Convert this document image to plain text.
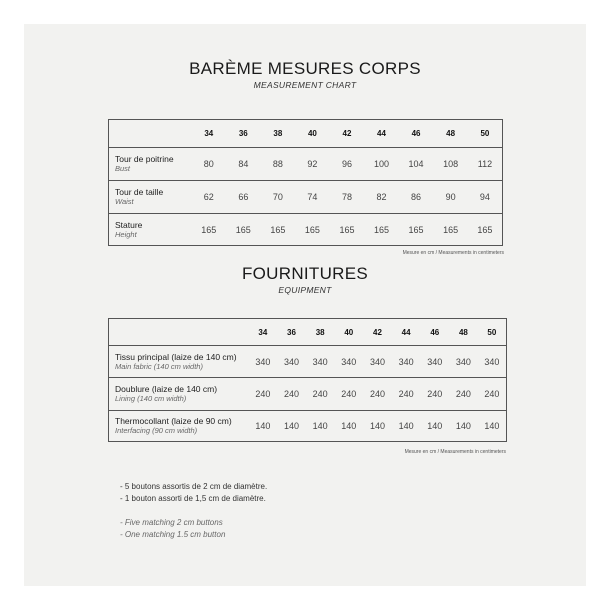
BARÈME MESURES CORPS
MEASUREMENT CHART
	34	36	38	40	42	44	46	48	50

Tour de poitrine
Bust	80	84	88	92	96	100	104	108	112

Tour de taille
Waist	62	66	70	74	78	82	86	90	94

Stature
Height	165	165	165	165	165	165	165	165	165
Mesure en cm / Measurements in centimeters
FOURNITURES
EQUIPMENT
	34	36	38	40	42	44	46	48	50

Tissu principal (laize de 140 cm)
Main fabric (140 cm width)	340	340	340	340	340	340	340	340	340

Doublure (laize de 140 cm)
Lining (140 cm width)	240	240	240	240	240	240	240	240	240

Thermocollant (laize de 90 cm)
Interfacing (90 cm width)	140	140	140	140	140	140	140	140	140
Mesure en cm / Measurements in centimeters
- 5 boutons assortis de 2 cm de diamètre.
- 1 bouton assorti de 1,5 cm de diamètre.
- Five matching 2 cm buttons
- One matching 1.5 cm button
